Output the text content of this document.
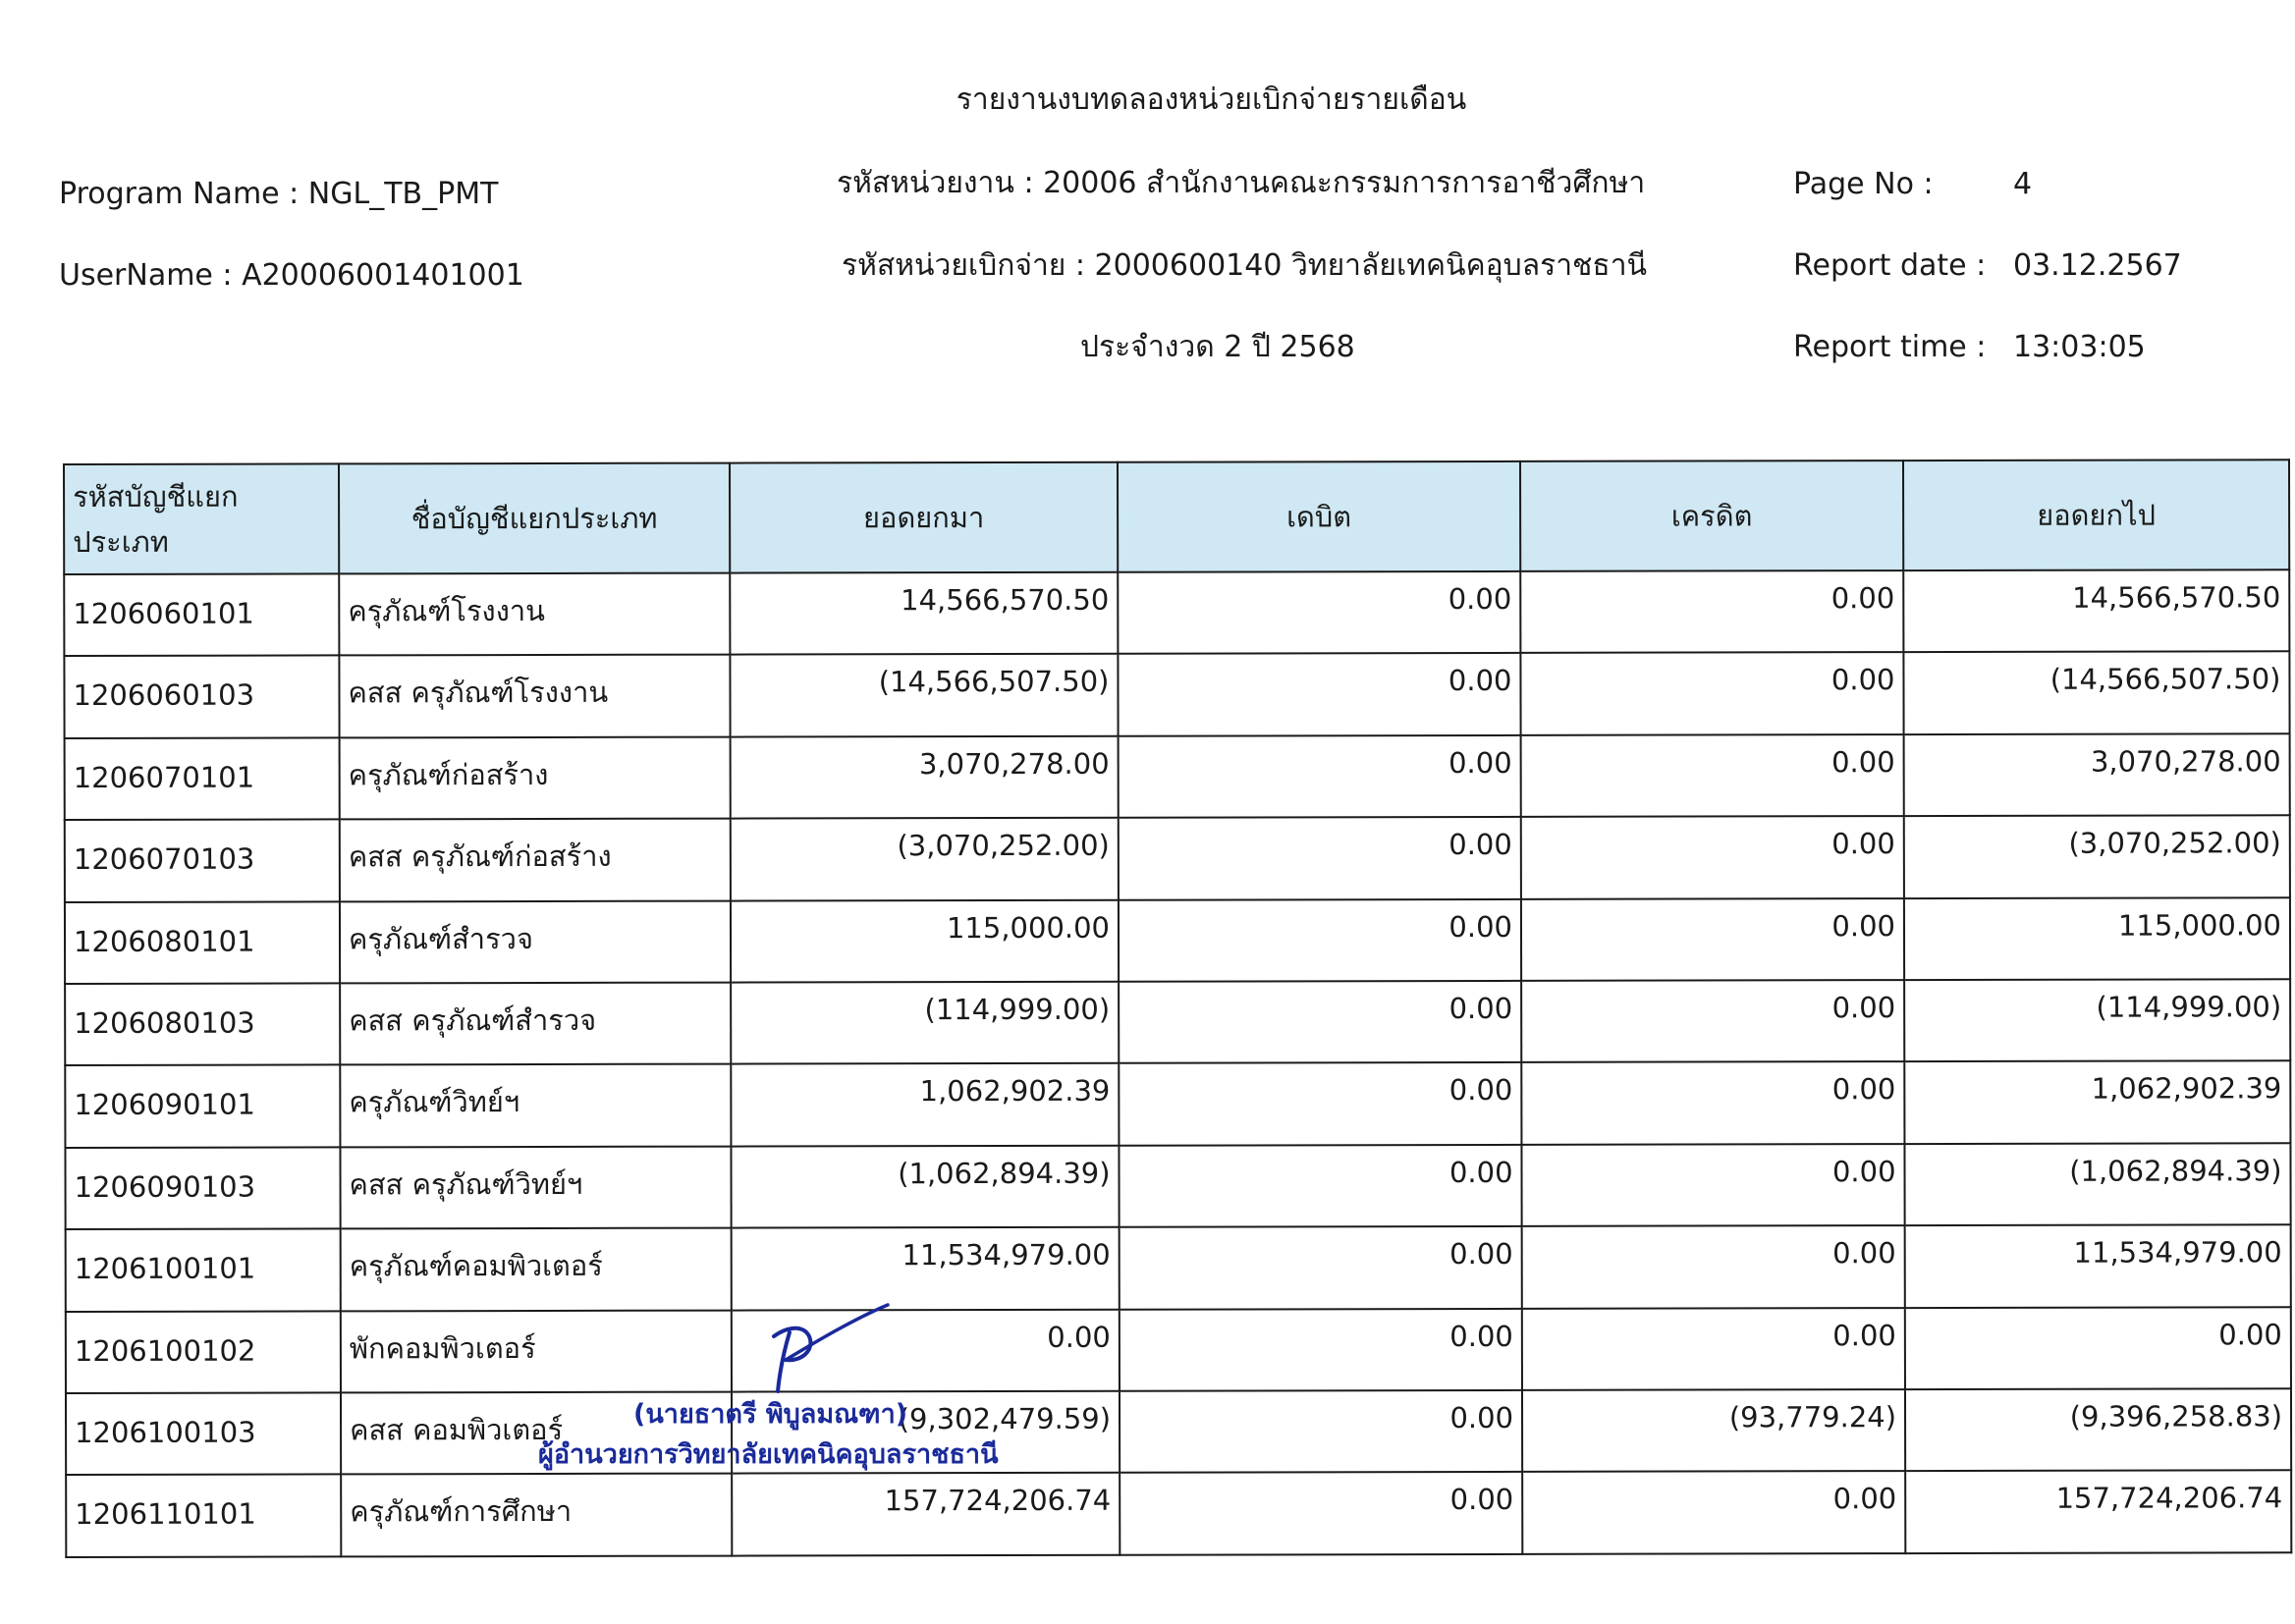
รายงานงบทดลองหน่วยเบิกจ่ายรายเดือน
รหัสหน่วยงาน : 20006 สำนักงานคณะกรรมการการอาชีวศึกษา
รหัสหน่วยเบิกจ่าย : 2000600140 วิทยาลัยเทคนิคอุบลราชธานี
ประจำงวด 2 ปี 2568
Program Name : NGL_TB_PMT
UserName : A20006001401001
Page No :	4
Report date : 03.12.2567
Report time : 13:03:05
รหัสบัญชีแยกประเภท	ชื่อบัญชีแยกประเภท	ยอดยกมา	เดบิต	เครดิต	ยอดยกไป
1206060101	ครุภัณฑ์โรงงาน	14,566,570.50	0.00	0.00	14,566,570.50
1206060103	คสส ครุภัณฑ์โรงงาน	(14,566,507.50)	0.00	0.00	(14,566,507.50)
1206070101	ครุภัณฑ์ก่อสร้าง	3,070,278.00	0.00	0.00	3,070,278.00
1206070103	คสส ครุภัณฑ์ก่อสร้าง	(3,070,252.00)	0.00	0.00	(3,070,252.00)
1206080101	ครุภัณฑ์สำรวจ	115,000.00	0.00	0.00	115,000.00
1206080103	คสส ครุภัณฑ์สำรวจ	(114,999.00)	0.00	0.00	(114,999.00)
1206090101	ครุภัณฑ์วิทย์ฯ	1,062,902.39	0.00	0.00	1,062,902.39
1206090103	คสส ครุภัณฑ์วิทย์ฯ	(1,062,894.39)	0.00	0.00	(1,062,894.39)
1206100101	ครุภัณฑ์คอมพิวเตอร์	11,534,979.00	0.00	0.00	11,534,979.00
1206100102	พักคอมพิวเตอร์	0.00	0.00	0.00	0.00
1206100103	คสส คอมพิวเตอร์	(9,302,479.59)	0.00	(93,779.24)	(9,396,258.83)
1206110101	ครุภัณฑ์การศึกษา	157,724,206.74	0.00	0.00	157,724,206.74
(นายธาตรี พิบูลมณฑา)
ผู้อำนวยการวิทยาลัยเทคนิคอุบลราชธานี
